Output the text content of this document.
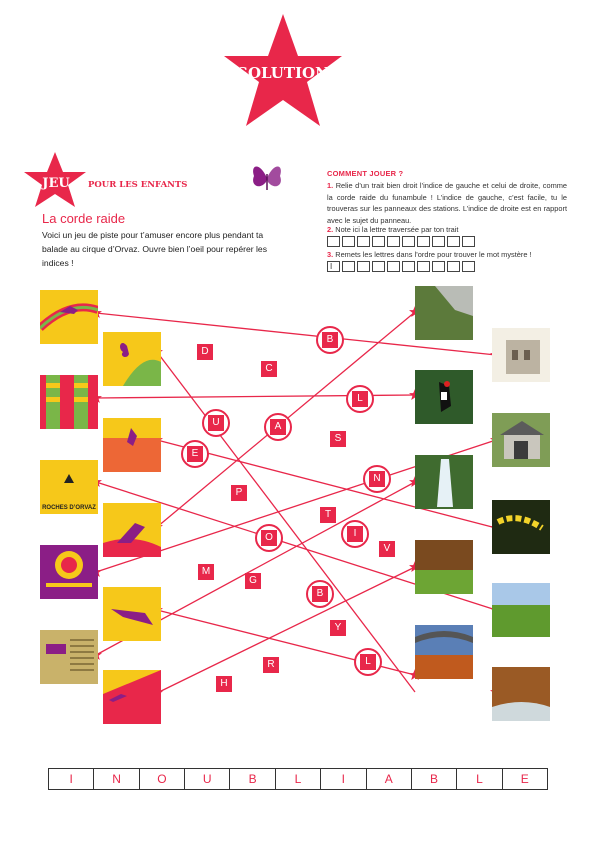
SOLUTION
JEU POUR LES ENFANTS
La corde raide
Voici un jeu de piste pour t’amuser encore plus pendant ta balade au cirque d’Orvaz. Ouvre bien l’oeil pour repérer les indices !
COMMENT JOUER ?
1. Relie d’un trait bien droit l’indice de gauche et celui de droite, comme la corde raide du funambule ! L’indice de gauche, c’est facile, tu le trouveras sur les panneaux des stations. L’indice de droite est en rapport avec le sujet du panneau.
2. Note ici la lettre traversée par ton trait
3. Remets les lettres dans l’ordre pour trouver le mot mystère !
I
ROCHES D’ORVAZ
D
C
S
P
T
V
M
G
Y
R
H
B
L
U	A
E
N
I
O
B
L
I	N	O	U	B	L	I	A	B	L	E
